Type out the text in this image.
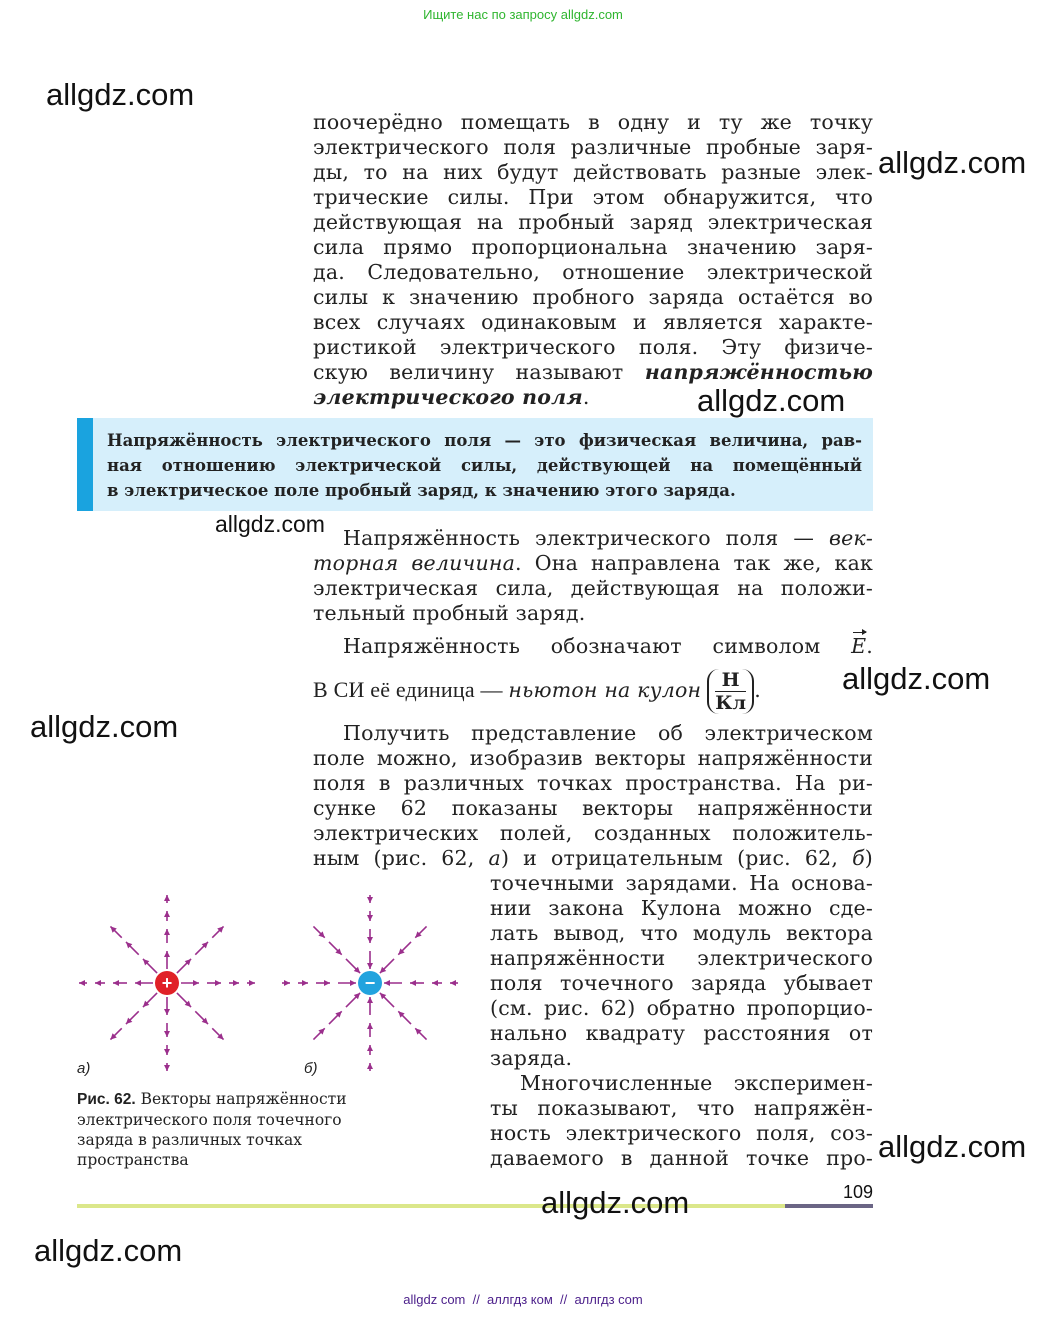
Ищите нас по запросу allgdz.com
allgdz.com
allgdz.com
allgdz.com
allgdz.com
allgdz.com
allgdz.com
allgdz.com
allgdz.com
allgdz.com
поочерёдно помещать в одну и ту же точку
электрического поля различные пробные заря-
ды, то на них будут действовать разные элек-
трические силы. При этом обнаружится, что
действующая на пробный заряд электрическая
сила прямо пропорциональна значению заря-
да. Следовательно, отношение электрической
силы к значению пробного заряда остаётся во
всех случаях одинаковым и является характе-
ристикой электрического поля. Эту физиче-
скую величину называют напряжённостью
электрического поля.
Напряжённость электрического поля — это физическая величина, рав-
ная отношению электрической силы, действующей на помещённый
в электрическое поле пробный заряд, к значению этого заряда.
Напряжённость электрического поля — век-
торная величина. Она направлена так же, как
электрическая сила, действующая на положи-
тельный пробный заряд.
Напряжённость обозначают символом E.
В СИ её единица — ньютон на кулон $\frac{Н}{Кл}$.
Получить представление об электрическом
поле можно, изобразив векторы напряжённости
поля в различных точках пространства. На ри-
сунке 62 показаны векторы напряжённости
электрических полей, созданных положитель-
ным (рис. 62, а) и отрицательным (рис. 62, б)
точечными зарядами. На основа-
нии закона Кулона можно сде-
лать вывод, что модуль вектора
напряжённости электрического
поля точечного заряда убывает
(см. рис. 62) обратно пропорцио-
нально квадрату расстояния от
заряда.
Многочисленные эксперимен-
ты показывают, что напряжён-
ность электрического поля, соз-
даваемого в данной точке про-
+	−
а)	б)
Рис. 62. Векторы напряжённости
электрического поля точечного
заряда в различных точках
пространства
109
allgdz com  //  аллгдз ком  //  аллгдз com
